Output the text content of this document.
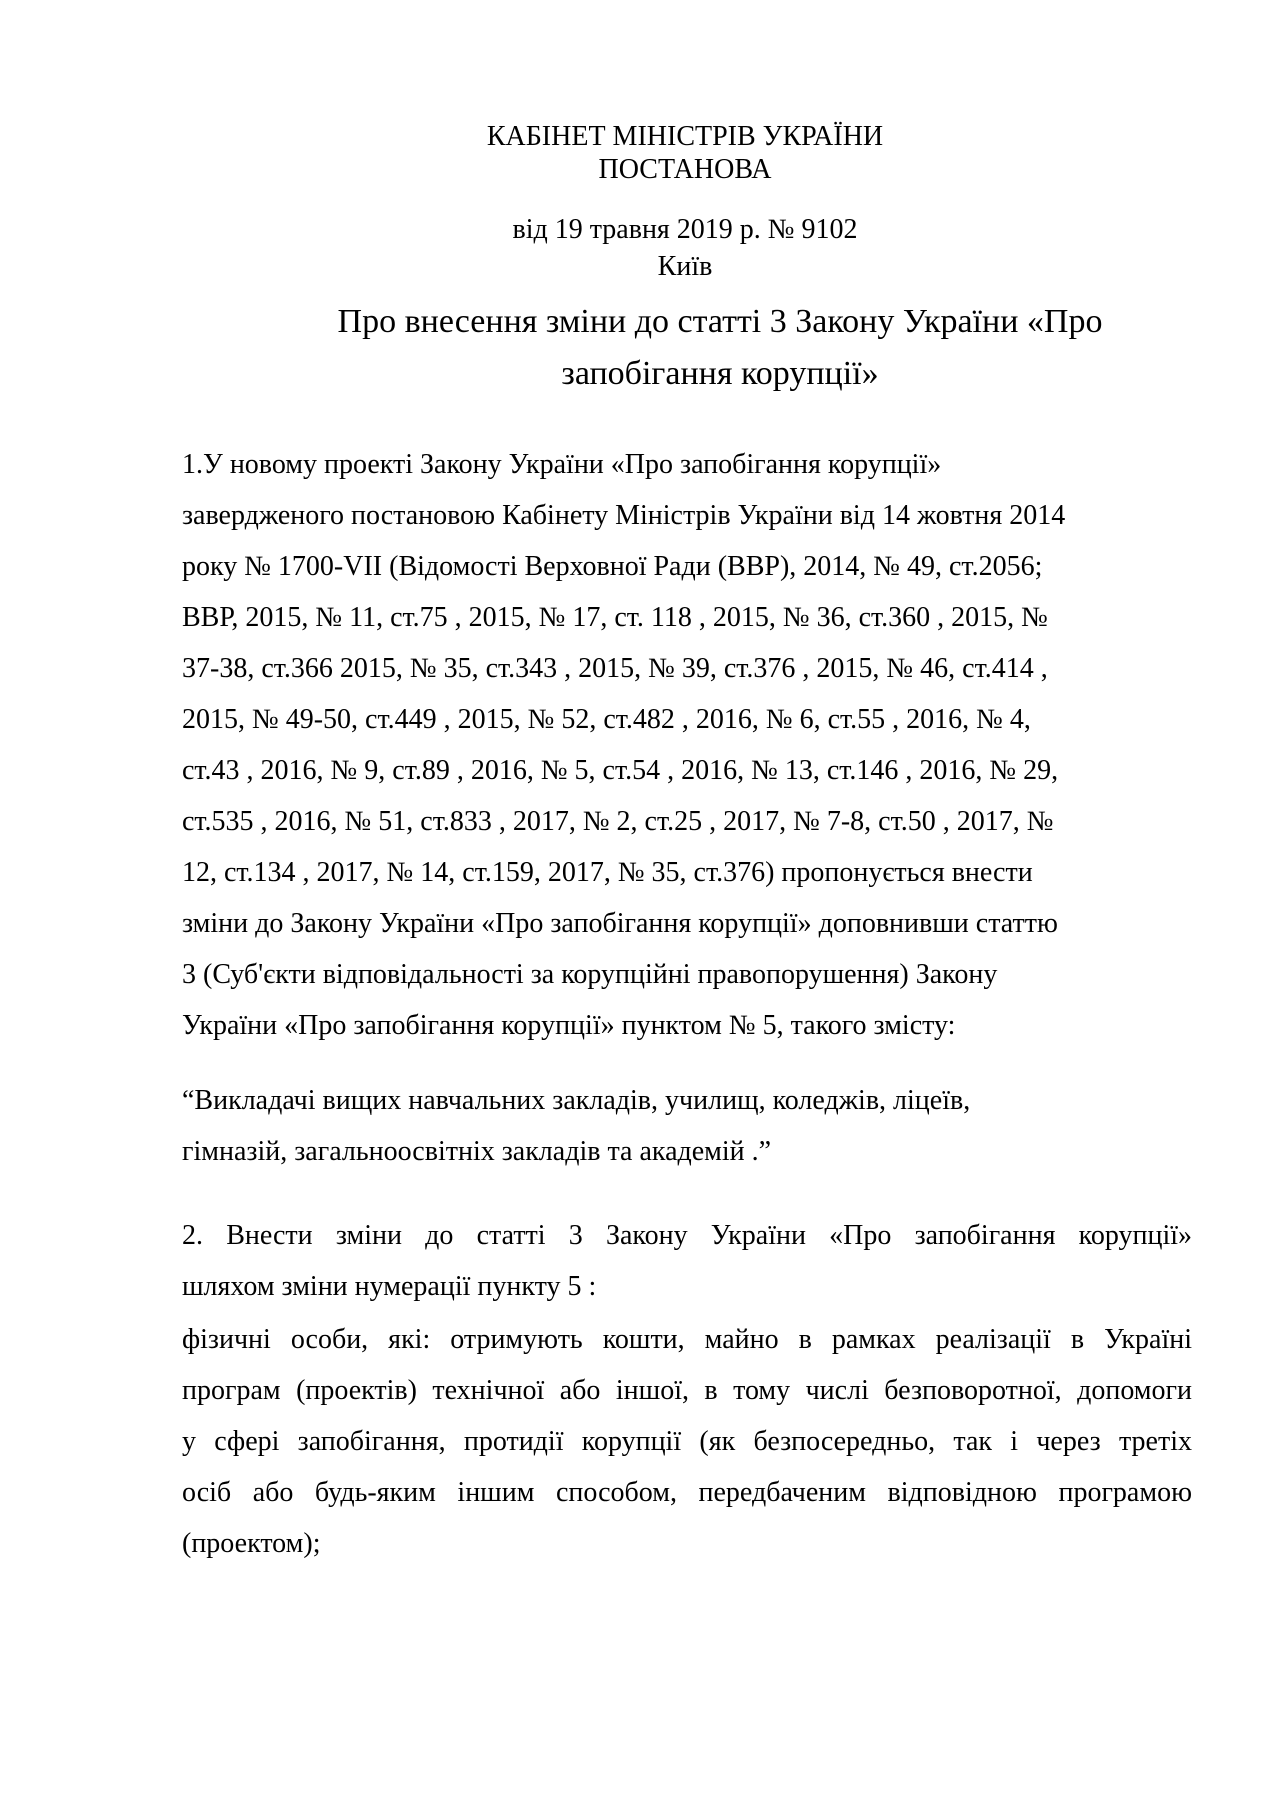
КАБІНЕТ МІНІСТРІВ УКРАЇНИ
ПОСТАНОВА
від 19 травня 2019 р. № 9102
Київ
Про внесення зміни до статті 3 Закону України «Про
запобігання корупції»
1.У новому проекті Закону України «Про запобігання корупції»
завердженого постановою Кабінету Міністрів України від 14 жовтня 2014
року № 1700-VII (Відомості Верховної Ради (ВВР), 2014, № 49, ст.2056;
ВВР, 2015, № 11, ст.75 , 2015, № 17, ст. 118 , 2015, № 36, ст.360 , 2015, №
37-38, ст.366 2015, № 35, ст.343 , 2015, № 39, ст.376 , 2015, № 46, ст.414 ,
2015, № 49-50, ст.449 , 2015, № 52, ст.482 , 2016, № 6, ст.55 , 2016, № 4,
ст.43 , 2016, № 9, ст.89 , 2016, № 5, ст.54 , 2016, № 13, ст.146 , 2016, № 29,
ст.535 , 2016, № 51, ст.833 , 2017, № 2, ст.25 , 2017, № 7-8, ст.50 , 2017, №
12, ст.134 , 2017, № 14, ст.159, 2017, № 35, ст.376) пропонується внести
зміни до Закону України «Про запобігання корупції» доповнивши статтю
3 (Суб'єкти відповідальності за корупційні правопорушення) Закону
України «Про запобігання корупції» пунктом № 5, такого змісту:
“Викладачі вищих навчальних закладів, училищ, коледжів, ліцеїв,
гімназій, загальноосвітніх закладів та академій .”
2. Внести зміни до статті 3 Закону України «Про запобігання корупції»
шляхом зміни нумерації пункту 5 :
фізичні особи, які: отримують кошти, майно в рамках реалізації в Україні
програм (проектів) технічної або іншої, в тому числі безповоротної, допомоги
у сфері запобігання, протидії корупції (як безпосередньо, так і через третіх
осіб або будь-яким іншим способом, передбаченим відповідною програмою
(проектом);
